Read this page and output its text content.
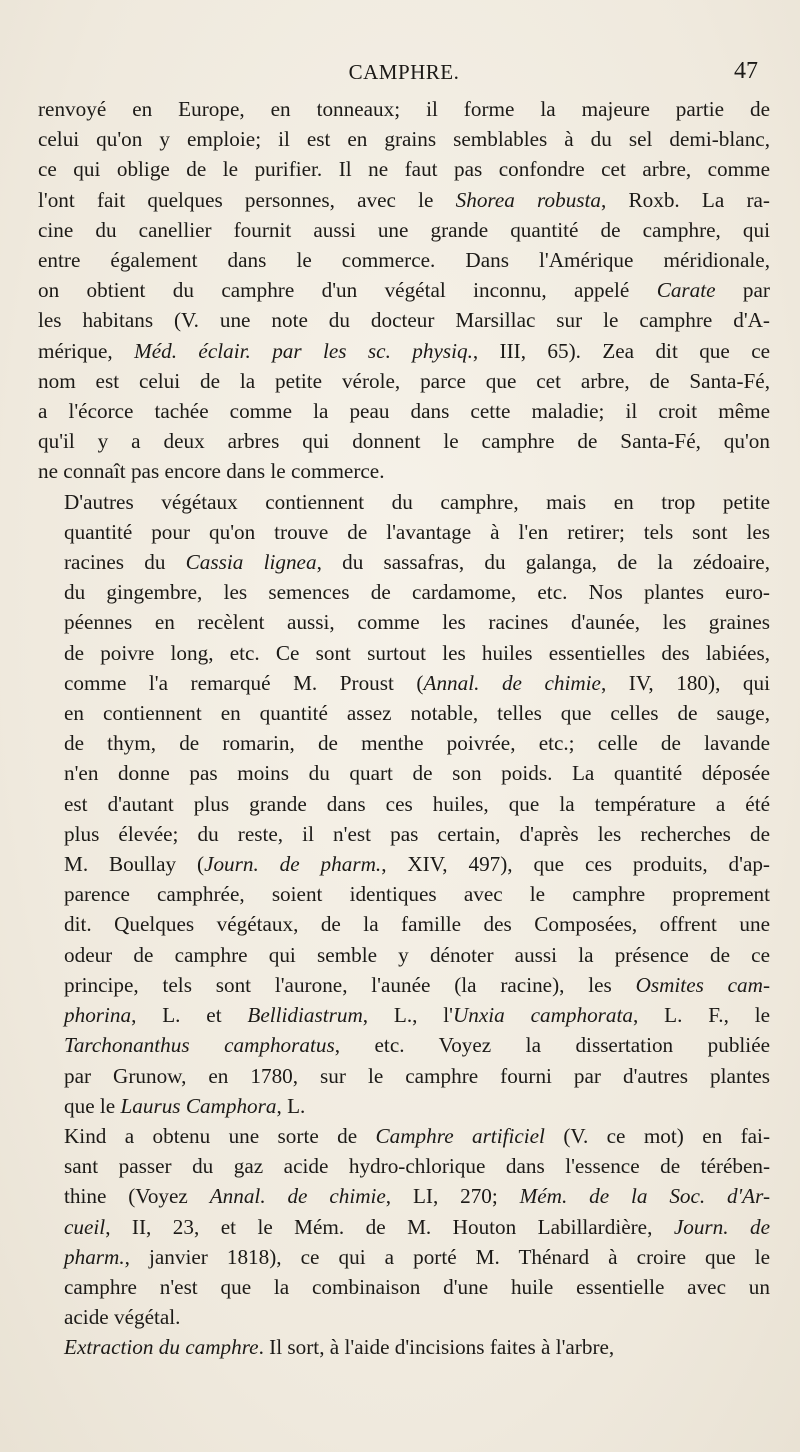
CAMPHRE.	47

renvoyé en Europe, en tonneaux; il forme la majeure partie de
celui qu'on y emploie; il est en grains semblables à du sel demi-blanc,
ce qui oblige de le purifier. Il ne faut pas confondre cet arbre, comme
l'ont fait quelques personnes, avec le Shorea robusta, Roxb. La ra-
cine du canellier fournit aussi une grande quantité de camphre, qui
entre également dans le commerce. Dans l'Amérique méridionale,
on obtient du camphre d'un végétal inconnu, appelé Carate par
les habitans (V. une note du docteur Marsillac sur le camphre d'A-
mérique, Méd. éclair. par les sc. physiq., III, 65). Zea dit que ce
nom est celui de la petite vérole, parce que cet arbre, de Santa-Fé,
a l'écorce tachée comme la peau dans cette maladie; il croit même
qu'il y a deux arbres qui donnent le camphre de Santa-Fé, qu'on
ne connaît pas encore dans le commerce.

D'autres végétaux contiennent du camphre, mais en trop petite
quantité pour qu'on trouve de l'avantage à l'en retirer; tels sont les
racines du Cassia lignea, du sassafras, du galanga, de la zédoaire,
du gingembre, les semences de cardamome, etc. Nos plantes euro-
péennes en recèlent aussi, comme les racines d'aunée, les graines
de poivre long, etc. Ce sont surtout les huiles essentielles des labiées,
comme l'a remarqué M. Proust (Annal. de chimie, IV, 180), qui
en contiennent en quantité assez notable, telles que celles de sauge,
de thym, de romarin, de menthe poivrée, etc.; celle de lavande
n'en donne pas moins du quart de son poids. La quantité déposée
est d'autant plus grande dans ces huiles, que la température a été
plus élevée; du reste, il n'est pas certain, d'après les recherches de
M. Boullay (Journ. de pharm., XIV, 497), que ces produits, d'ap-
parence camphrée, soient identiques avec le camphre proprement
dit. Quelques végétaux, de la famille des Composées, offrent une
odeur de camphre qui semble y dénoter aussi la présence de ce
principe, tels sont l'aurone, l'aunée (la racine), les Osmites cam-
phorina, L. et Bellidiastrum, L., l'Unxia camphorata, L. F., le
Tarchonanthus camphoratus, etc. Voyez la dissertation publiée
par Grunow, en 1780, sur le camphre fourni par d'autres plantes
que le Laurus Camphora, L.

Kind a obtenu une sorte de Camphre artificiel (V. ce mot) en fai-
sant passer du gaz acide hydro-chlorique dans l'essence de térében-
thine (Voyez Annal. de chimie, LI, 270; Mém. de la Soc. d'Ar-
cueil, II, 23, et le Mém. de M. Houton Labillardière, Journ. de
pharm., janvier 1818), ce qui a porté M. Thénard à croire que le
camphre n'est que la combinaison d'une huile essentielle avec un
acide végétal.

Extraction du camphre. Il sort, à l'aide d'incisions faites à l'arbre,
